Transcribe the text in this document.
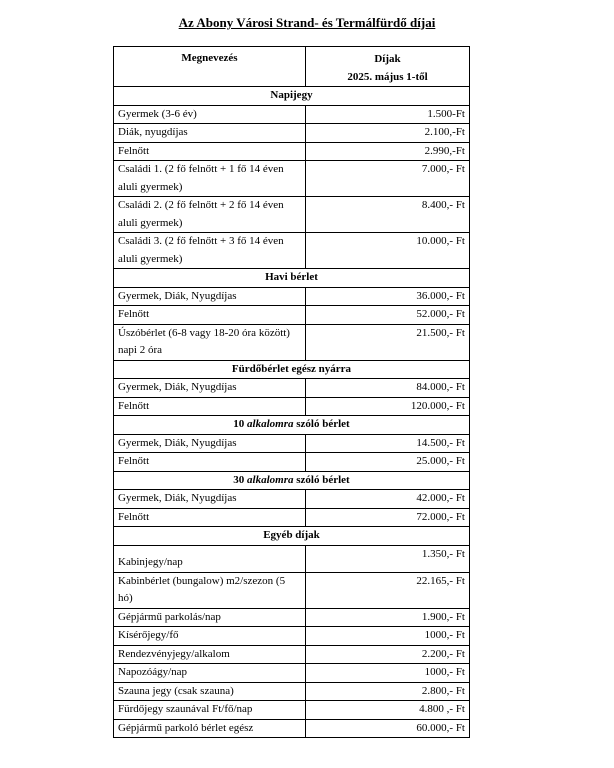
Az Abony Városi Strand- és Termálfürdő díjai
Megnevezés	Díjak
2025. május 1-től

Napijegy	
Gyermek (3-6 év)	1.500-Ft
Diák, nyugdíjas	2.100,-Ft
Felnőtt	2.990,-Ft
Családi 1. (2 fő felnőtt + 1 fő 14 éven aluli gyermek)	7.000,- Ft
Családi 2. (2 fő felnőtt + 2 fő 14 éven aluli gyermek)	8.400,- Ft
Családi 3. (2 fő felnőtt + 3 fő 14 éven aluli gyermek)	10.000,- Ft
Havi bérlet	
Gyermek, Diák, Nyugdíjas	36.000,- Ft
Felnőtt	52.000,- Ft
Úszóbérlet (6-8 vagy 18-20 óra között) napi 2 óra	21.500,- Ft
Fürdőbérlet egész nyárra	
Gyermek, Diák, Nyugdíjas	84.000,- Ft
Felnőtt	120.000,- Ft
10 alkalomra szóló bérlet	
Gyermek, Diák, Nyugdíjas	14.500,- Ft
Felnőtt	25.000,- Ft
30 alkalomra szóló bérlet	
Gyermek, Diák, Nyugdíjas	42.000,- Ft
Felnőtt	72.000,- Ft
Egyéb díjak	
Kabinjegy/nap	1.350,- Ft
Kabinbérlet (bungalow) m2/szezon (5 hó)	22.165,- Ft
Gépjármű parkolás/nap	1.900,- Ft
Kísérőjegy/fő	1000,- Ft
Rendezvényjegy/alkalom	2.200,- Ft
Napozóágy/nap	1000,- Ft
Szauna jegy (csak szauna)	2.800,- Ft
Fürdőjegy szaunával Ft/fő/nap	4.800 ,- Ft
Gépjármű parkoló bérlet egész	60.000,- Ft
